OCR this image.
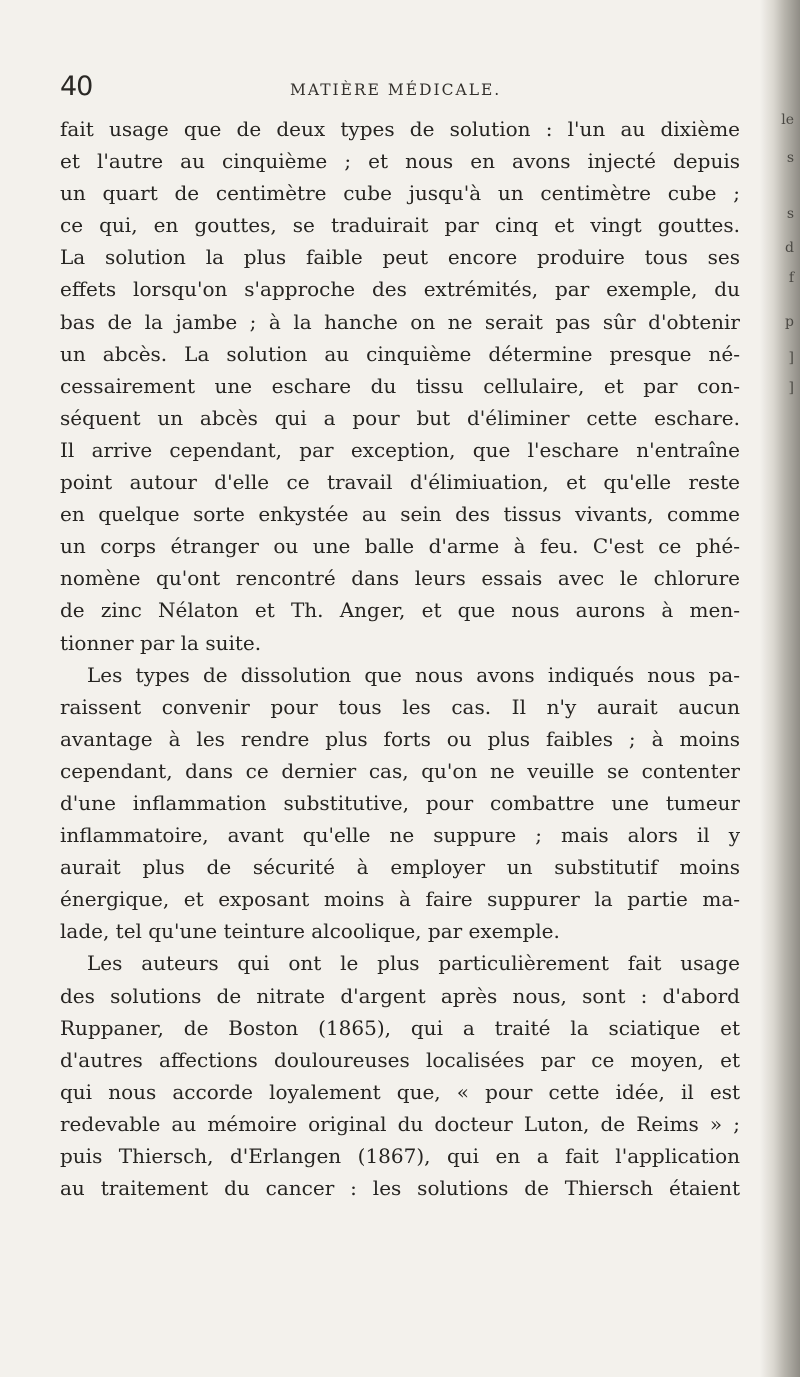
le
s
s
d
f
p
]
]
40	MATIÈRE MÉDICALE.
fait usage que de deux types de solution : l'un au dixième
et l'autre au cinquième ; et nous en avons injecté depuis
un quart de centimètre cube jusqu'à un centimètre cube ;
ce qui, en gouttes, se traduirait par cinq et vingt gouttes.
La solution la plus faible peut encore produire tous ses
effets lorsqu'on s'approche des extrémités, par exemple, du
bas de la jambe ; à la hanche on ne serait pas sûr d'obtenir
un abcès. La solution au cinquième détermine presque né-
cessairement une eschare du tissu cellulaire, et par con-
séquent un abcès qui a pour but d'éliminer cette eschare.
Il arrive cependant, par exception, que l'eschare n'entraîne
point autour d'elle ce travail d'élimiuation, et qu'elle reste
en quelque sorte enkystée au sein des tissus vivants, comme
un corps étranger ou une balle d'arme à feu. C'est ce phé-
nomène qu'ont rencontré dans leurs essais avec le chlorure
de zinc Nélaton et Th. Anger, et que nous aurons à men-
tionner par la suite.
Les types de dissolution que nous avons indiqués nous pa-
raissent convenir pour tous les cas. Il n'y aurait aucun
avantage à les rendre plus forts ou plus faibles ; à moins
cependant, dans ce dernier cas, qu'on ne veuille se contenter
d'une inflammation substitutive, pour combattre une tumeur
inflammatoire, avant qu'elle ne suppure ; mais alors il y
aurait plus de sécurité à employer un substitutif moins
énergique, et exposant moins à faire suppurer la partie ma-
lade, tel qu'une teinture alcoolique, par exemple.
Les auteurs qui ont le plus particulièrement fait usage
des solutions de nitrate d'argent après nous, sont : d'abord
Ruppaner, de Boston (1865), qui a traité la sciatique et
d'autres affections douloureuses localisées par ce moyen, et
qui nous accorde loyalement que, « pour cette idée, il est
redevable au mémoire original du docteur Luton, de Reims » ;
puis Thiersch, d'Erlangen (1867), qui en a fait l'application
au traitement du cancer : les solutions de Thiersch étaient
